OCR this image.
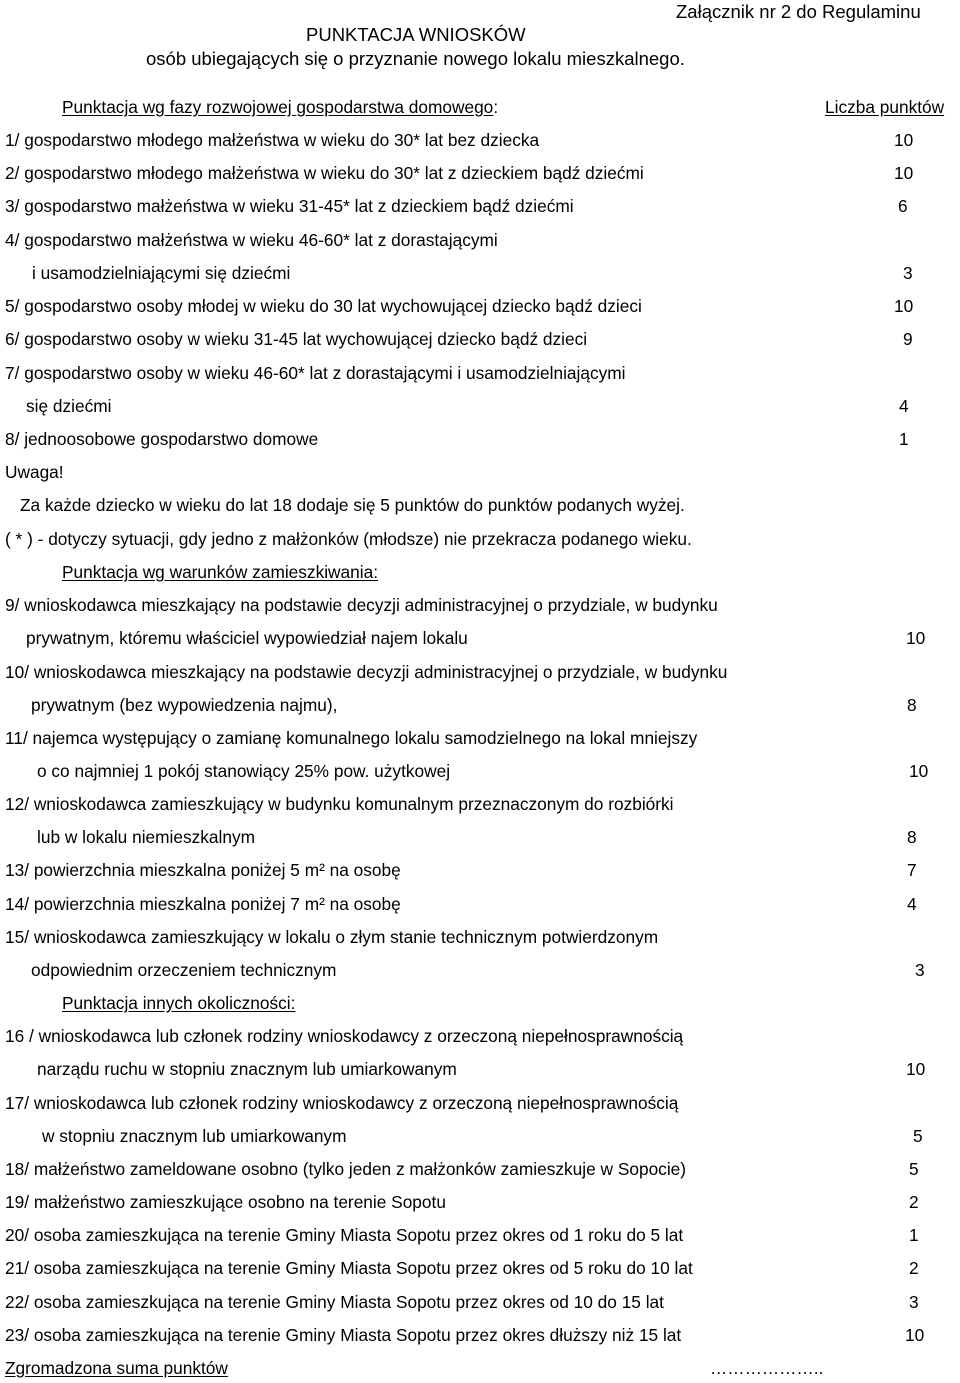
Załącznik nr 2 do Regulaminu
PUNKTACJA WNIOSKÓW
osób ubiegających się o przyznanie nowego lokalu mieszkalnego.
Punktacja wg fazy rozwojowej gospodarstwa domowego:	Liczba punktów
1/ gospodarstwo młodego małżeństwa w wieku do 30* lat bez dziecka	10
2/ gospodarstwo młodego małżeństwa w wieku do 30* lat z dzieckiem bądź dziećmi	10
3/ gospodarstwo małżeństwa w wieku 31-45* lat z dzieckiem bądź dziećmi	6
4/ gospodarstwo małżeństwa w wieku 46-60* lat z dorastającymi
i usamodzielniającymi się dziećmi	3
5/ gospodarstwo osoby młodej w wieku do 30 lat wychowującej dziecko bądź dzieci	10
6/ gospodarstwo osoby w wieku 31-45 lat wychowującej dziecko bądź dzieci	9
7/ gospodarstwo osoby w wieku 46-60* lat z dorastającymi i usamodzielniającymi
się dziećmi	4
8/ jednoosobowe gospodarstwo domowe	1
Uwaga!
Za każde dziecko w wieku do lat 18 dodaje się 5 punktów do punktów podanych wyżej.
( * ) - dotyczy sytuacji, gdy jedno z małżonków (młodsze) nie przekracza podanego wieku.
Punktacja wg warunków zamieszkiwania:
9/ wnioskodawca mieszkający na podstawie decyzji administracyjnej o przydziale, w budynku
prywatnym, któremu właściciel wypowiedział najem lokalu	10
10/ wnioskodawca mieszkający na podstawie decyzji administracyjnej o przydziale, w budynku
prywatnym (bez wypowiedzenia najmu),	8
11/ najemca występujący o zamianę komunalnego lokalu samodzielnego na lokal mniejszy
o co najmniej 1 pokój stanowiący 25% pow. użytkowej	10
12/ wnioskodawca zamieszkujący w budynku komunalnym przeznaczonym do rozbiórki
lub w lokalu niemieszkalnym	8
13/ powierzchnia mieszkalna poniżej 5 m² na osobę	7
14/ powierzchnia mieszkalna poniżej 7 m² na osobę	4
15/ wnioskodawca zamieszkujący w lokalu o złym stanie technicznym potwierdzonym
odpowiednim orzeczeniem technicznym	3
Punktacja innych okoliczności:
16 / wnioskodawca lub członek rodziny wnioskodawcy z orzeczoną niepełnosprawnością
narządu ruchu w stopniu znacznym lub umiarkowanym	10
17/ wnioskodawca lub członek rodziny wnioskodawcy z orzeczoną niepełnosprawnością
w stopniu znacznym lub umiarkowanym	5
18/ małżeństwo zameldowane osobno (tylko jeden z małżonków zamieszkuje w Sopocie)	5
19/ małżeństwo zamieszkujące osobno na terenie Sopotu	2
20/ osoba zamieszkująca na terenie Gminy Miasta Sopotu przez okres od 1 roku do 5 lat	1
21/ osoba zamieszkująca na terenie Gminy Miasta Sopotu przez okres od 5 roku do 10 lat	2
22/ osoba zamieszkująca na terenie Gminy Miasta Sopotu przez okres od 10 do 15 lat	3
23/ osoba zamieszkująca na terenie Gminy Miasta Sopotu przez okres dłuższy niż 15 lat	10
Zgromadzona suma punktów	………………..
